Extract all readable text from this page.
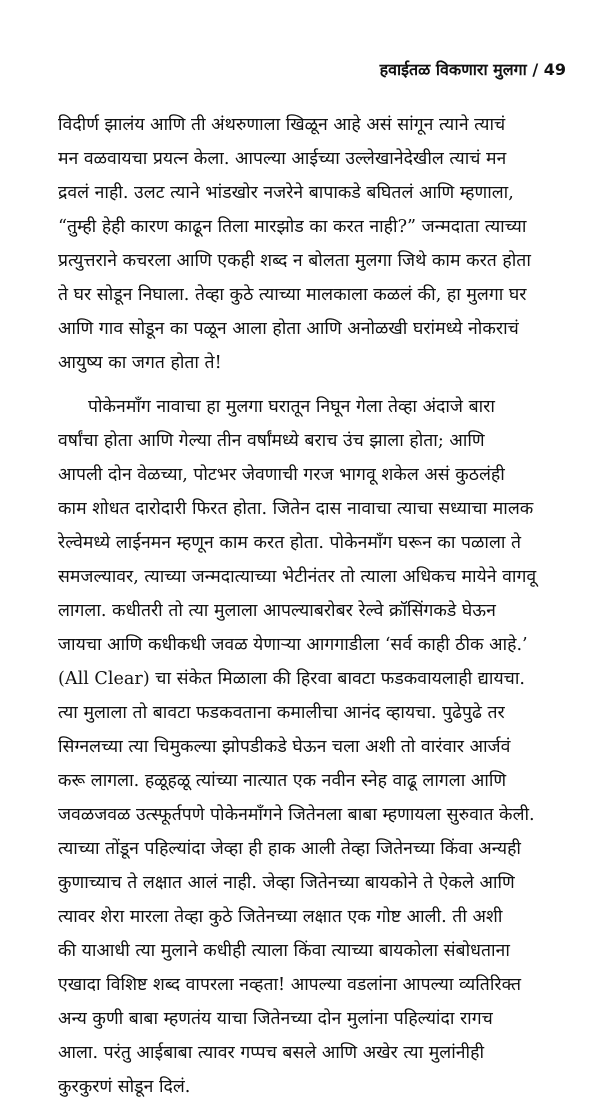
हवाईतळ विकणारा मुलगा / 49
विदीर्ण झालंय आणि ती अंथरुणाला खिळून आहे असं सांगून त्याने त्याचं
मन वळवायचा प्रयत्न केला. आपल्या आईच्या उल्लेखानेदेखील त्याचं मन
द्रवलं नाही. उलट त्याने भांडखोर नजरेने बापाकडे बघितलं आणि म्हणाला,
“तुम्ही हेही कारण काढून तिला मारझोड का करत नाही?” जन्मदाता त्याच्या
प्रत्युत्तराने कचरला आणि एकही शब्द न बोलता मुलगा जिथे काम करत होता
ते घर सोडून निघाला. तेव्हा कुठे त्याच्या मालकाला कळलं की, हा मुलगा घर
आणि गाव सोडून का पळून आला होता आणि अनोळखी घरांमध्ये नोकराचं
आयुष्य का जगत होता ते!
पोकेनमाँग नावाचा हा मुलगा घरातून निघून गेला तेव्हा अंदाजे बारा
वर्षांचा होता आणि गेल्या तीन वर्षांमध्ये बराच उंच झाला होता; आणि
आपली दोन वेळच्या, पोटभर जेवणाची गरज भागवू शकेल असं कुठलंही
काम शोधत दारोदारी फिरत होता. जितेन दास नावाचा त्याचा सध्याचा मालक
रेल्वेमध्ये लाईनमन म्हणून काम करत होता. पोकेनमाँग घरून का पळाला ते
समजल्यावर, त्याच्या जन्मदात्याच्या भेटीनंतर तो त्याला अधिकच मायेने वागवू
लागला. कधीतरी तो त्या मुलाला आपल्याबरोबर रेल्वे क्रॉसिंगकडे घेऊन
जायचा आणि कधीकधी जवळ येणाऱ्या आगगाडीला ‘सर्व काही ठीक आहे.’
(All Clear) चा संकेत मिळाला की हिरवा बावटा फडकवायलाही द्यायचा.
त्या मुलाला तो बावटा फडकवताना कमालीचा आनंद व्हायचा. पुढेपुढे तर
सिग्नलच्या त्या चिमुकल्या झोपडीकडे घेऊन चला अशी तो वारंवार आर्जवं
करू लागला. हळूहळू त्यांच्या नात्यात एक नवीन स्नेह वाढू लागला आणि
जवळजवळ उत्स्फूर्तपणे पोकेनमाँगने जितेनला बाबा म्हणायला सुरुवात केली.
त्याच्या तोंडून पहिल्यांदा जेव्हा ही हाक आली तेव्हा जितेनच्या किंवा अन्यही
कुणाच्याच ते लक्षात आलं नाही. जेव्हा जितेनच्या बायकोने ते ऐकले आणि
त्यावर शेरा मारला तेव्हा कुठे जितेनच्या लक्षात एक गोष्ट आली. ती अशी
की याआधी त्या मुलाने कधीही त्याला किंवा त्याच्या बायकोला संबोधताना
एखादा विशिष्ट शब्द वापरला नव्हता! आपल्या वडलांना आपल्या व्यतिरिक्त
अन्य कुणी बाबा म्हणतंय याचा जितेनच्या दोन मुलांना पहिल्यांदा रागच
आला. परंतु आईबाबा त्यावर गप्पच बसले आणि अखेर त्या मुलांनीही
कुरकुरणं सोडून दिलं.
